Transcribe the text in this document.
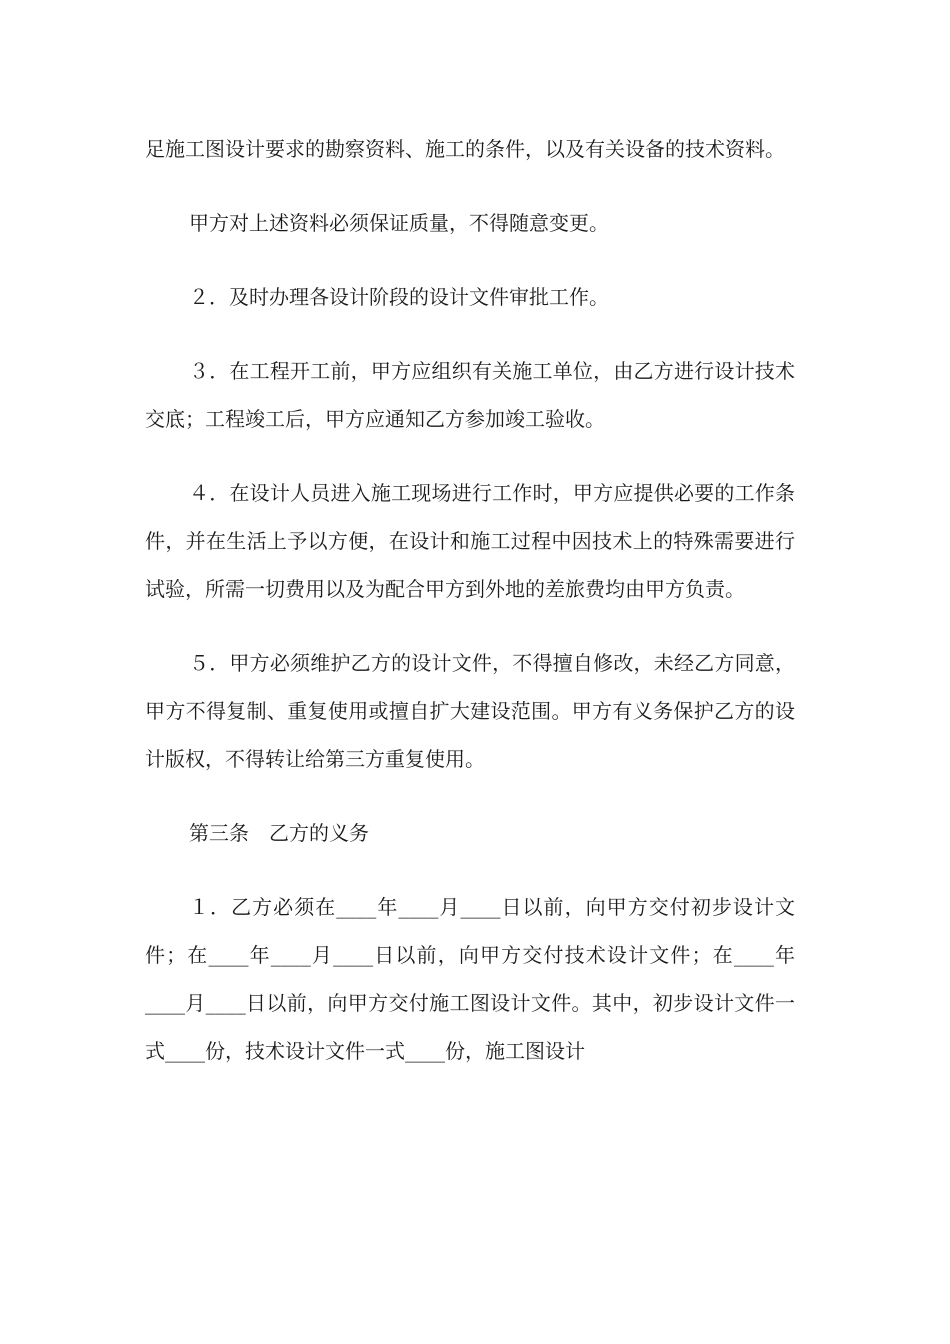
足施工图设计要求的勘察资料、施工的条件，以及有关设备的技术资料。

甲方对上述资料必须保证质量，不得随意变更。

２．及时办理各设计阶段的设计文件审批工作。

３．在工程开工前，甲方应组织有关施工单位，由乙方进行设计技术交底；工程竣工后，甲方应通知乙方参加竣工验收。

４．在设计人员进入施工现场进行工作时，甲方应提供必要的工作条件，并在生活上予以方便，在设计和施工过程中因技术上的特殊需要进行试验，所需一切费用以及为配合甲方到外地的差旅费均由甲方负责。

５．甲方必须维护乙方的设计文件，不得擅自修改，未经乙方同意，甲方不得复制、重复使用或擅自扩大建设范围。甲方有义务保护乙方的设计版权，不得转让给第三方重复使用。

第三条　乙方的义务

１．乙方必须在____年____月____日以前，向甲方交付初步设计文件；在____年____月____日以前，向甲方交付技术设计文件；在____年____月____日以前，向甲方交付施工图设计文件。其中，初步设计文件一式____份，技术设计文件一式____份，施工图设计
